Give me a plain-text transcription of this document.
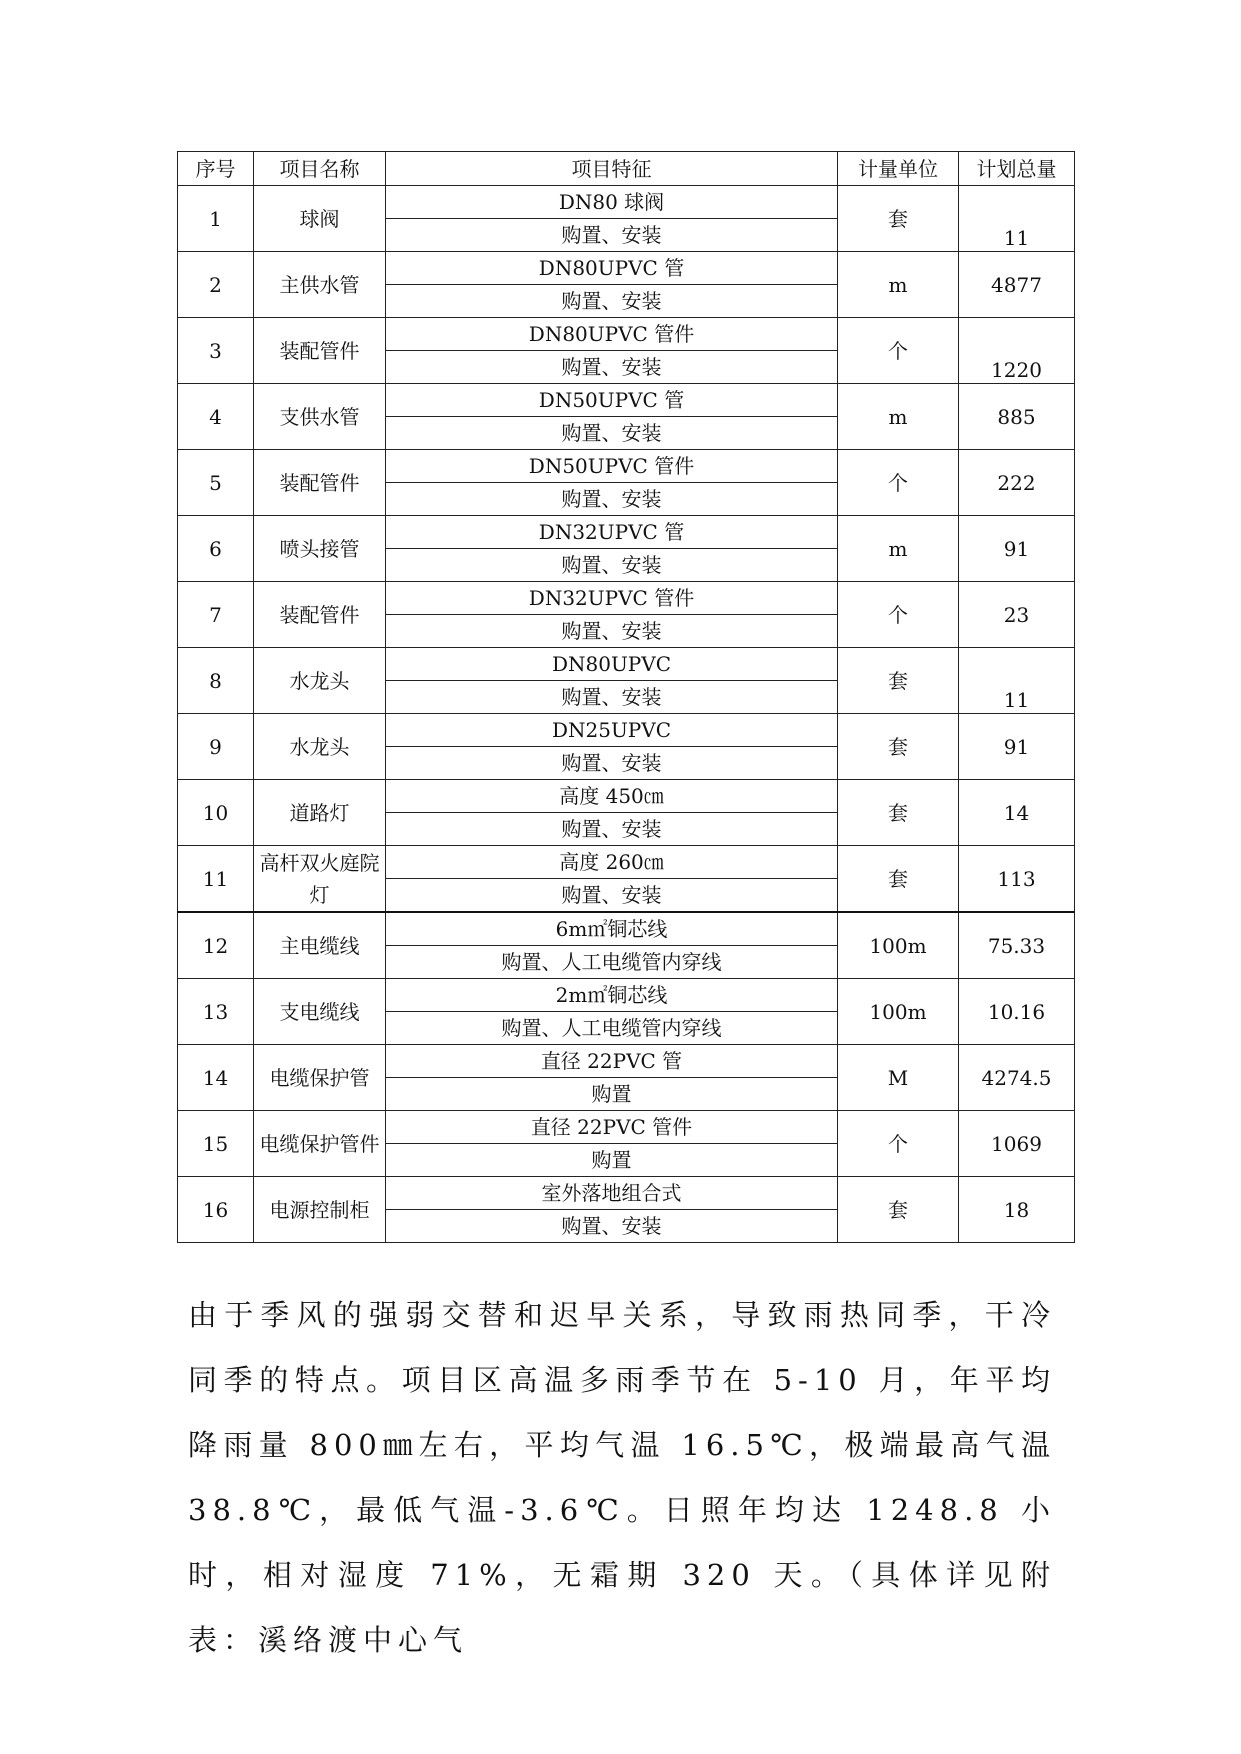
序号	项目名称	项目特征	计量单位	计划总量
1	球阀	DN80 球阀	套	11
		购置、安装		
2	主供水管	DN80UPVC 管	m	4877
		购置、安装		
3	装配管件	DN80UPVC 管件	个	1220
		购置、安装		
4	支供水管	DN50UPVC 管	m	885
		购置、安装		
5	装配管件	DN50UPVC 管件	个	222
		购置、安装		
6	喷头接管	DN32UPVC 管	m	91
		购置、安装		
7	装配管件	DN32UPVC 管件	个	23
		购置、安装		
8	水龙头	DN80UPVC	套	11
		购置、安装		
9	水龙头	DN25UPVC	套	91
		购置、安装		
10	道路灯	高度 450㎝	套	14
		购置、安装		
11	高杆双火庭院灯	高度 260㎝	套	113
		购置、安装		
12	主电缆线	6m㎡铜芯线	100m	75.33
		购置、人工电缆管内穿线		
13	支电缆线	2m㎡铜芯线	100m	10.16
		购置、人工电缆管内穿线		
14	电缆保护管	直径 22PVC 管	M	4274.5
		购置		
15	电缆保护管件	直径 22PVC 管件	个	1069
		购置		
16	电源控制柜	室外落地组合式	套	18
		购置、安装		

由于季风的强弱交替和迟早关系，导致雨热同季，干冷同季的特点。项目区高温多雨季节在 5-10 月，年平均降雨量 800㎜左右，平均气温 16.5℃，极端最高气温 38.8℃，最低气温-3.6℃。日照年均达 1248.8 小时，相对湿度 71%，无霜期 320 天。（具体详见附表：溪络渡中心气
